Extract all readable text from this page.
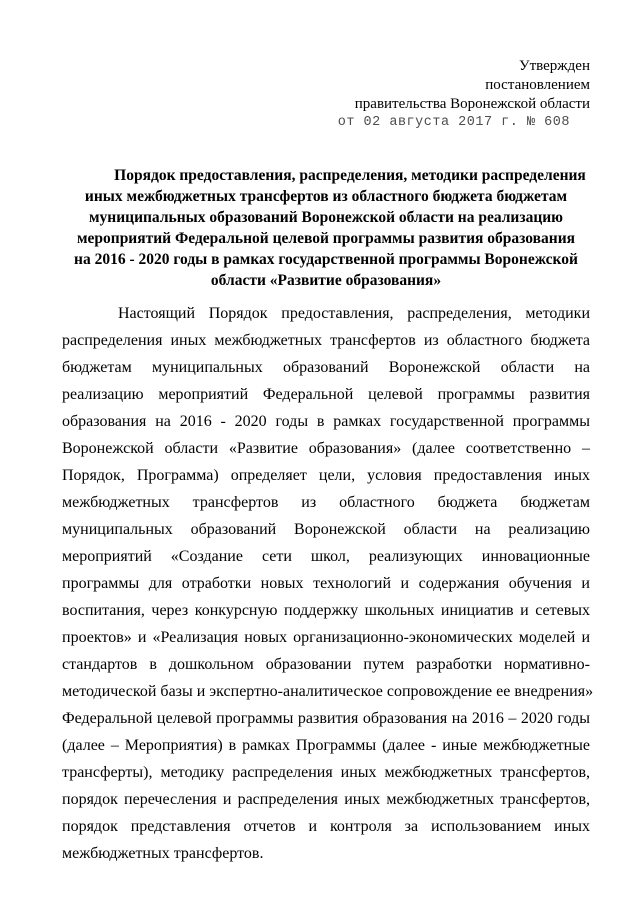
Утвержден
постановлением
правительства Воронежской области
от 02 августа 2017 г. № 608
Порядок предоставления, распределения, методики распределения
иных межбюджетных трансфертов из областного бюджета бюджетам
муниципальных образований Воронежской области на реализацию
мероприятий Федеральной целевой программы развития образования
на 2016 - 2020 годы в рамках государственной программы Воронежской
области «Развитие образования»
Настоящий Порядок предоставления, распределения, методики
распределения иных межбюджетных трансфертов из областного бюджета
бюджетам муниципальных образований Воронежской области на
реализацию мероприятий Федеральной целевой программы развития
образования на 2016 - 2020 годы в рамках государственной программы
Воронежской области «Развитие образования» (далее соответственно –
Порядок, Программа) определяет цели, условия предоставления иных
межбюджетных трансфертов из областного бюджета бюджетам
муниципальных образований Воронежской области на реализацию
мероприятий «Создание сети школ, реализующих инновационные
программы для отработки новых технологий и содержания обучения и
воспитания, через конкурсную поддержку школьных инициатив и сетевых
проектов» и «Реализация новых организационно-экономических моделей и
стандартов в дошкольном образовании путем разработки нормативно-
методической базы и экспертно-аналитическое сопровождение ее внедрения»
Федеральной целевой программы развития образования на 2016 – 2020 годы
(далее – Мероприятия) в рамках Программы (далее - иные межбюджетные
трансферты), методику распределения иных межбюджетных трансфертов,
порядок перечесления и распределения иных межбюджетных трансфертов,
порядок представления отчетов и контроля за использованием иных
межбюджетных трансфертов.
